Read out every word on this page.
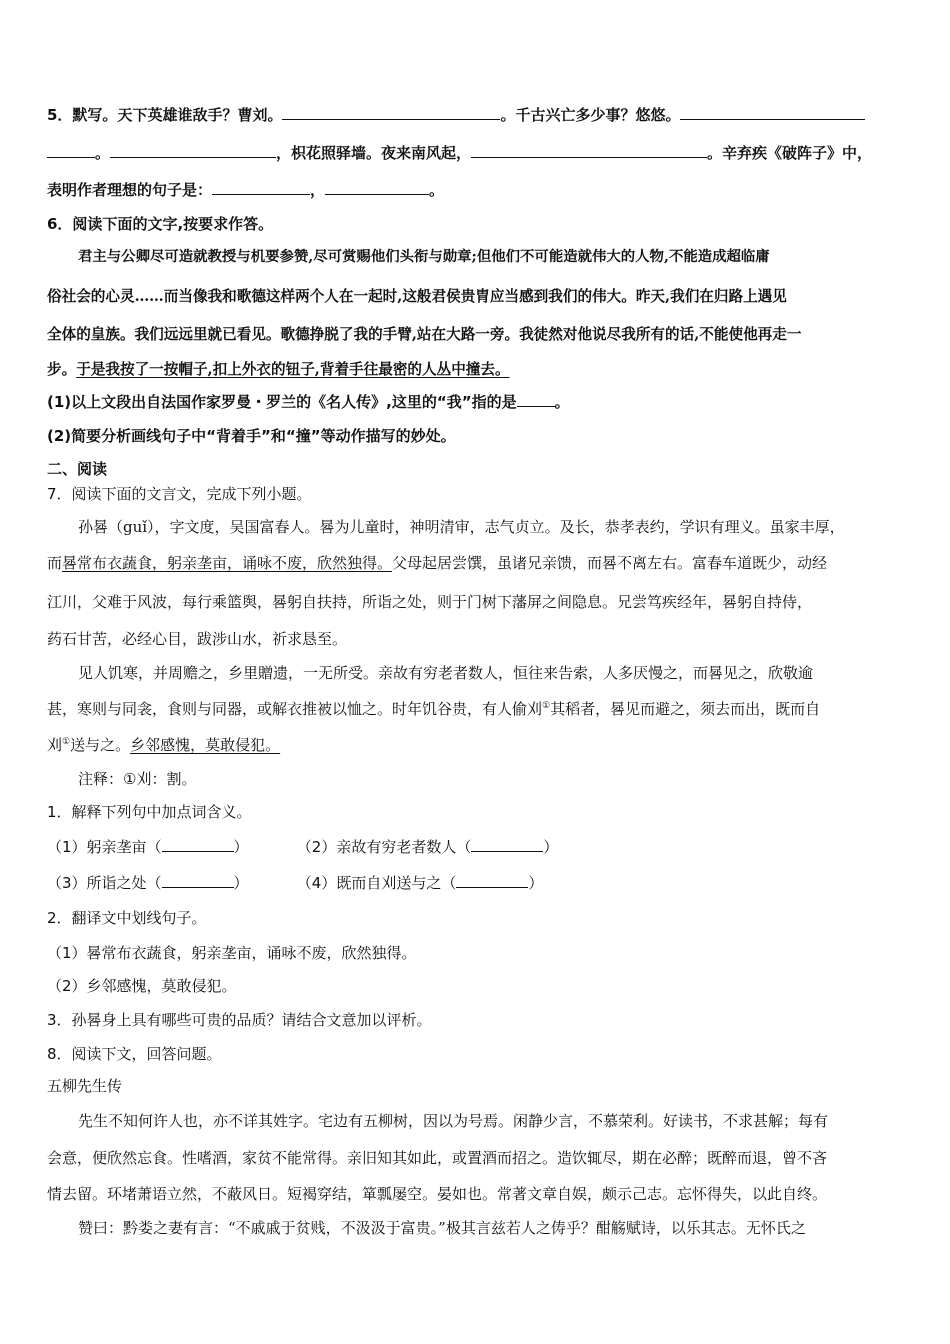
5．默写。天下英雄谁敌手？曹刘。	。千古兴亡多少事？悠悠。
。	，枳花照驿墙。夜来南风起，	。辛弃疾《破阵子》中，
表明作者理想的句子是：	，	。
6．阅读下面的文字,按要求作答。
君主与公卿尽可造就教授与机要参赞,尽可赏赐他们头衔与勋章;但他们不可能造就伟大的人物,不能造成超临庸
俗社会的心灵……而当像我和歌德这样两个人在一起时,这般君侯贵胄应当感到我们的伟大。昨天,我们在归路上遇见
全体的皇族。我们远远里就已看见。歌德挣脱了我的手臂,站在大路一旁。我徒然对他说尽我所有的话,不能使他再走一
步。于是我按了一按帽子,扣上外衣的钮子,背着手往最密的人丛中撞去。
(1)以上文段出自法国作家罗曼・罗兰的《名人传》,这里的“我”指的是	。
(2)简要分析画线句子中“背着手”和“撞”等动作描写的妙处。
二、阅读
7．阅读下面的文言文，完成下列小题。
孙晷（guǐ），字文度，吴国富春人。晷为儿童时，神明清审，志气贞立。及长，恭孝表约，学识有理义。虽家丰厚，
而晷常布衣蔬食，躬亲垄亩，诵咏不废，欣然独得。父母起居尝馔，虽诸兄亲馈，而晷不离左右。富春车道既少，动经
江川，父难于风波，每行乘篮舆，晷躬自扶持，所诣之处，则于门树下藩屏之间隐息。兄尝笃疾经年，晷躬自持侍，
药石甘苦，必经心目，跋涉山水，祈求恳至。
见人饥寒，并周赡之，乡里贈遗，一无所受。亲故有穷老者数人，恒往来告索，人多厌慢之，而晷见之，欣敬逾
甚，寒则与同衾，食则与同器，或解衣推被以恤之。时年饥谷贵，有人偷刈①其稻者，晷见而避之，须去而出，既而自
刈①送与之。乡邻感愧，莫敢侵犯。
注释：①刈：割。
1．解释下列句中加点词含义。
（1）躬亲垄亩（	）	（2）亲故有穷老者数人（	）
（3）所诣之处（	）	（4）既而自刈送与之（	）
2．翻译文中划线句子。
（1）晷常布衣蔬食，躬亲垄亩，诵咏不废，欣然独得。
（2）乡邻感愧，莫敢侵犯。
3．孙晷身上具有哪些可贵的品质？请结合文意加以评析。
8．阅读下文，回答问题。
五柳先生传
先生不知何许人也，亦不详其姓字。宅边有五柳树，因以为号焉。闲静少言，不慕荣利。好读书，不求甚解；每有
会意，便欣然忘食。性嗜酒，家贫不能常得。亲旧知其如此，或置酒而招之。造饮辄尽，期在必醉；既醉而退，曾不吝
情去留。环堵萧语立然，不蔽风日。短褐穿结，箪瓢屡空。晏如也。常著文章自娱，颇示己志。忘怀得失，以此自终。
赞曰：黔娄之妻有言：“不戚戚于贫贱，不汲汲于富贵。”极其言兹若人之俦乎？酣觞赋诗，以乐其志。无怀氏之
